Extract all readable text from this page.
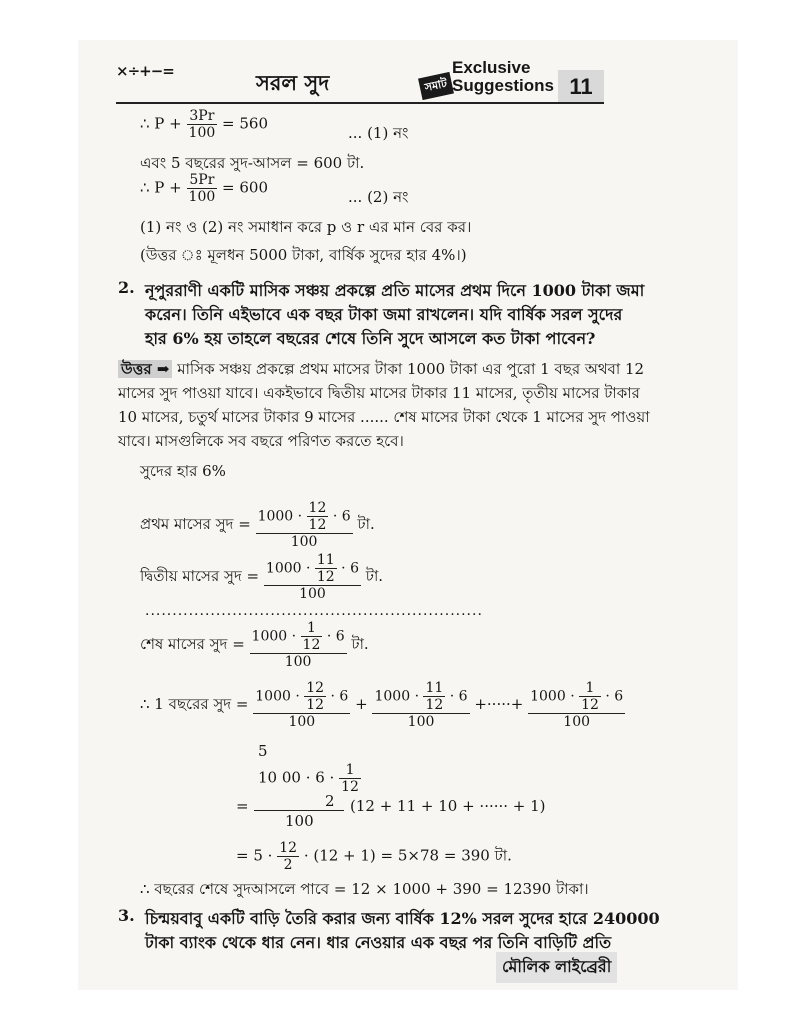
×÷+−=	সরল সুদ	সমাট
Exclusive
Suggestions 11
∴ $P + \frac{3Pr}{100} = 560$
... (1) নং
এবং 5 বছরের সুদ-আসল = 600 টা.
∴ $P + \frac{5Pr}{100} = 600$
... (2) নং
(1) নং ও (2) নং সমাধান করে p ও r এর মান বের কর।
(উত্তর ঃ মূলধন 5000 টাকা, বার্ষিক সুদের হার 4%।)
2. নূপুররাণী একটি মাসিক সঞ্চয় প্রকল্পে প্রতি মাসের প্রথম দিনে 1000 টাকা জমা
করেন। তিনি এইভাবে এক বছর টাকা জমা রাখলেন। যদি বার্ষিক সরল সুদের
হার 6% হয় তাহলে বছরের শেষে তিনি সুদে আসলে কত টাকা পাবেন?
উত্তর ➡ মাসিক সঞ্চয় প্রকল্পে প্রথম মাসের টাকা 1000 টাকা এর পুরো 1 বছর অথবা 12
মাসের সুদ পাওয়া যাবে। একইভাবে দ্বিতীয় মাসের টাকার 11 মাসের, তৃতীয় মাসের টাকার
10 মাসের, চতুর্থ মাসের টাকার 9 মাসের ...... শেষ মাসের টাকা থেকে 1 মাসের সুদ পাওয়া
যাবে। মাসগুলিকে সব বছরে পরিণত করতে হবে।
সুদের হার 6%
প্রথম মাসের সুদ = $\frac{1000 \cdot \frac{12}{12} \cdot 6}{100}$ টা.
দ্বিতীয় মাসের সুদ = $\frac{1000 \cdot \frac{11}{12} \cdot 6}{100}$ টা.
..............................................................
শেষ মাসের সুদ = $\frac{1000 \cdot \frac{1}{12} \cdot 6}{100}$ টা.
∴ 1 বছরের সুদ = $\frac{1000 \cdot \frac{12}{12} \cdot 6}{100} + \frac{1000 \cdot \frac{11}{12} \cdot 6}{100}$ +·····+ $\frac{1000 \cdot \frac{1}{12} \cdot 6}{100}$
5
10 $00 \cdot 6 \cdot \frac{1}{12}$
2
=
100
(12 + 11 + 10 + ······ + 1)
= $5 \cdot \frac{12}{2} \cdot (12 + 1) = 5\times 78 = 390$ টা.
∴ বছরের শেষে সুদআসলে পাবে = 12 × 1000 + 390 = 12390 টাকা।
3. চিন্ময়বাবু একটি বাড়ি তৈরি করার জন্য বার্ষিক 12% সরল সুদের হারে 240000
টাকা ব্যাংক থেকে ধার নেন। ধার নেওয়ার এক বছর পর তিনি বাড়িটি প্রতি
মৌলিক লাইব্রেরী
